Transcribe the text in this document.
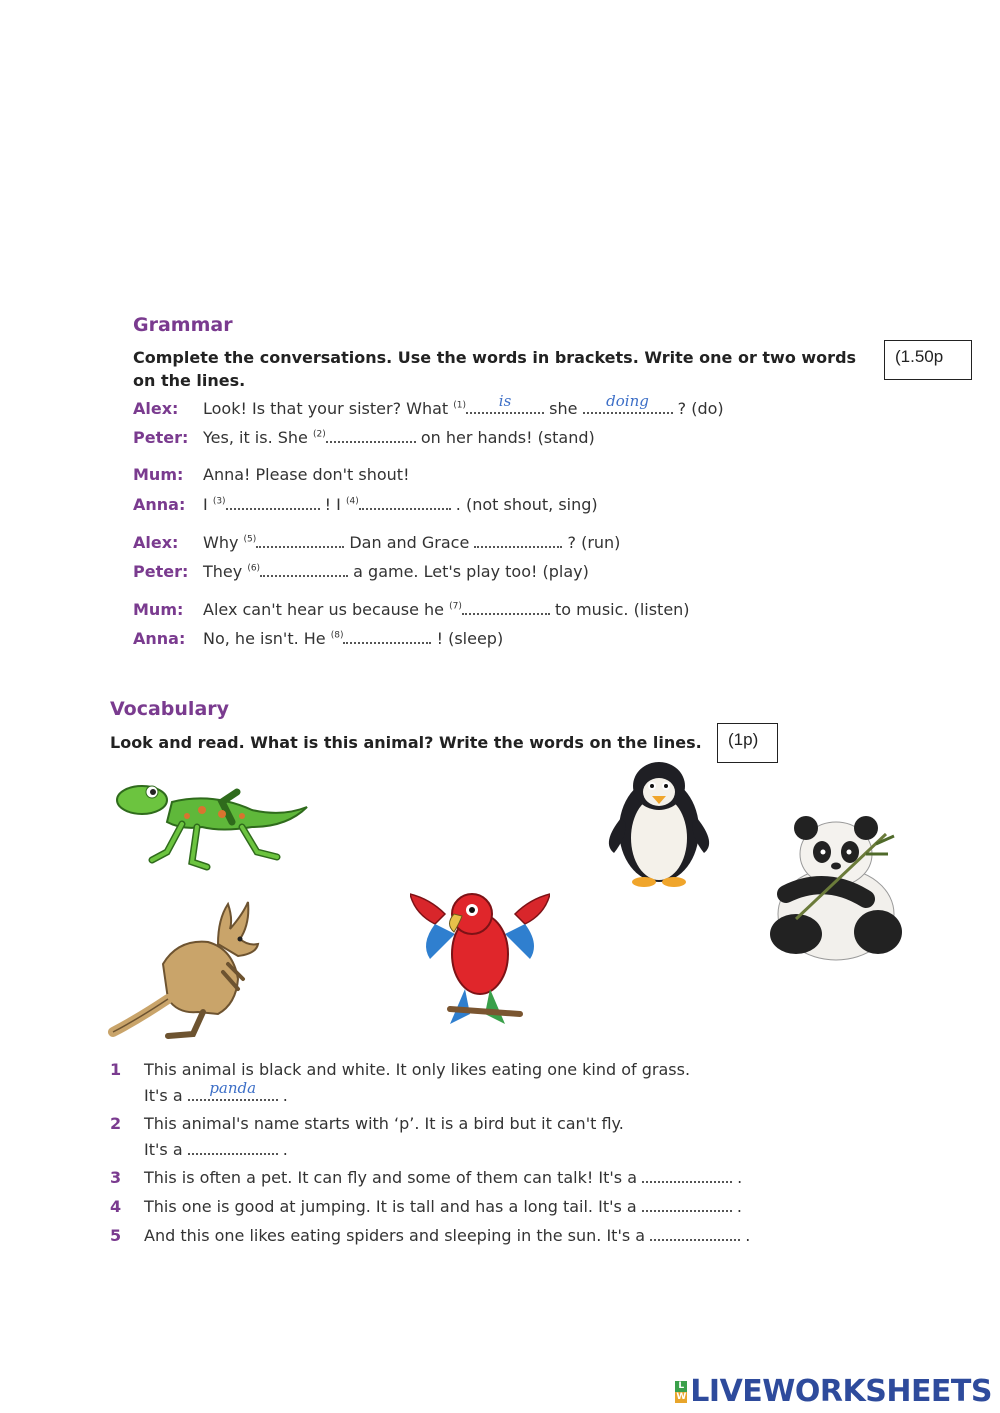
Grammar
Complete the conversations. Use the words in brackets. Write one or two words on the lines.
(1.50p
Alex: Look! Is that your sister? What $^{(1)}$	is	she	doing	? (do)
Peter: Yes, it is. She $^{(2)}$	on her hands! (stand)
Mum: Anna! Please don't shout!
Anna: I $^{(3)}$	! I $^{(4)}$	. (not shout, sing)
Alex: Why $^{(5)}$	Dan and Grace	? (run)
Peter: They $^{(6)}$	a game. Let's play too! (play)
Mum: Alex can't hear us because he $^{(7)}$	to music. (listen)
Anna: No, he isn't. He $^{(8)}$	! (sleep)
Vocabulary
Look and read. What is this animal? Write the words on the lines.	(1p)
1 This animal is black and white. It only likes eating one kind of grass.
It's a	panda	.
2 This animal's name starts with ‘p’. It is a bird but it can't fly.
It's a	.
3 This is often a pet. It can fly and some of them can talk! It's a	.
4 This one is good at jumping. It is tall and has a long tail. It's a	.
5 And this one likes eating spiders and sleeping in the sun. It's a	.
L
W LIVEWORKSHEETS
